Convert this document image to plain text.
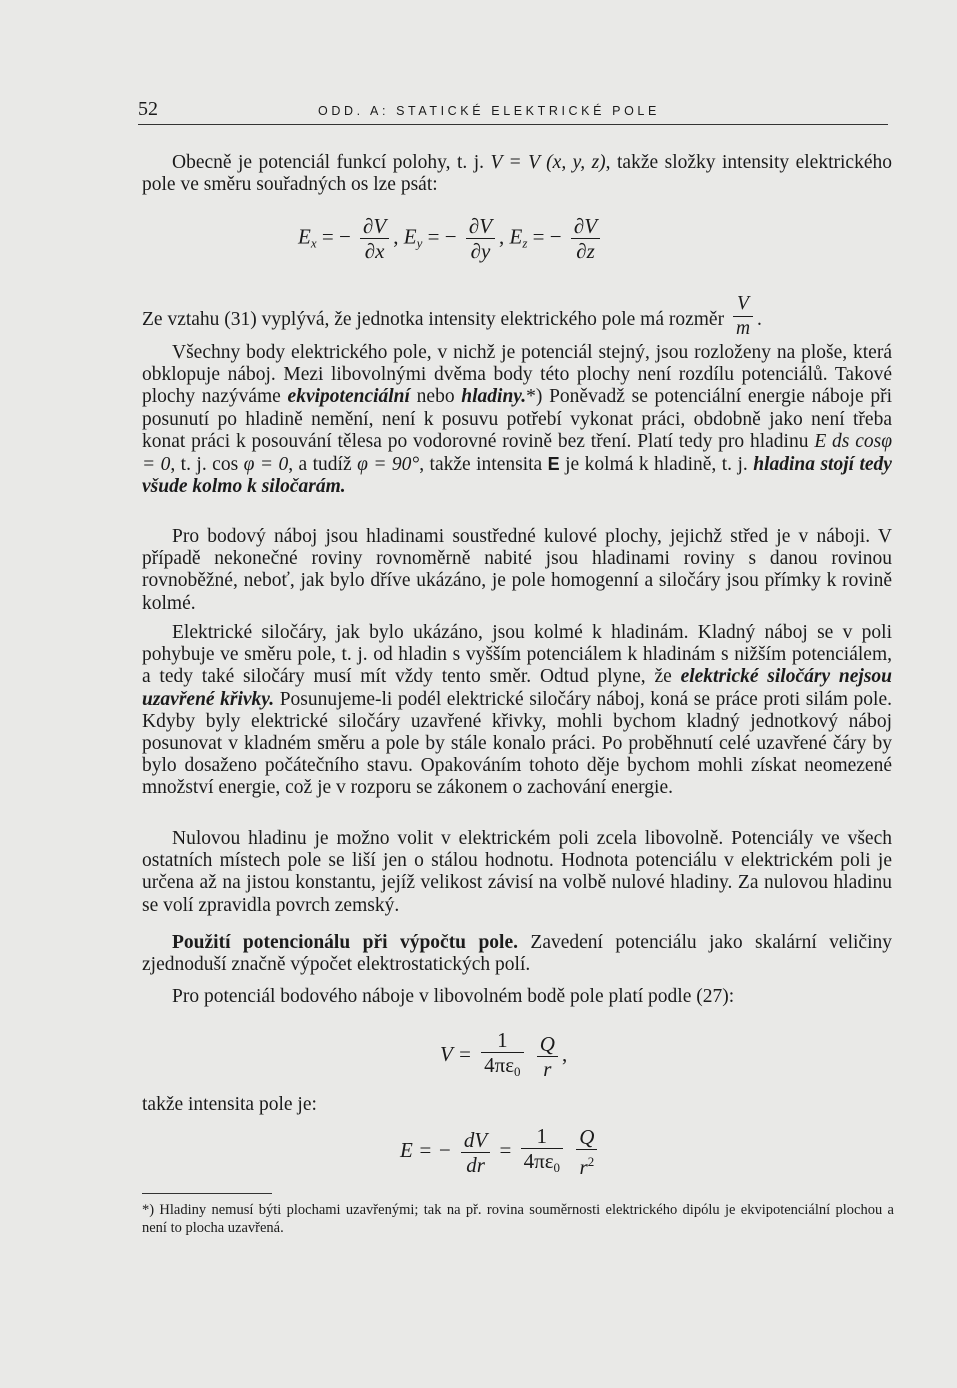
52	ODD. A: STATICKÉ ELEKTRICKÉ POLE

Obecně je potenciál funkcí polohy, t. j. V = V (x, y, z), takže složky intensity elektrického pole ve směru souřadných os lze psát:

$E_x$ = − $\frac{\partial V}{\partial x}$ , $E_y$ = − $\frac{\partial V}{\partial y}$ , $E_z$ = − $\frac{\partial V}{\partial z}$

Ze vztahu (31) vyplývá, že jednotka intensity elektrického pole má rozměr $\frac{V}{m}$ .

Všechny body elektrického pole, v nichž je potenciál stejný, jsou rozloženy na ploše, která obklopuje náboj. Mezi libovolnými dvěma body této plochy není rozdílu potenciálů. Takové plochy nazýváme ekvipotenciální nebo hladiny.*) Poněvadž se potenciální energie náboje při posunutí po hladině nemění, není k posuvu potřebí vykonat práci, obdobně jako není třeba konat práci k posouvání tělesa po vodorovné rovině bez tření. Platí tedy pro hladinu E ds cosφ = 0, t. j. cos φ = 0, a tudíž φ = 90°, takže intensita E je kolmá k hladině, t. j. hladina stojí tedy všude kolmo k siločarám.

Pro bodový náboj jsou hladinami soustředné kulové plochy, jejichž střed je v náboji. V případě nekonečné roviny rovnoměrně nabité jsou hladinami roviny s danou rovinou rovnoběžné, neboť, jak bylo dříve ukázáno, je pole homogenní a siločáry jsou přímky k rovině kolmé.

Elektrické siločáry, jak bylo ukázáno, jsou kolmé k hladinám. Kladný náboj se v poli pohybuje ve směru pole, t. j. od hladin s vyšším potenciálem k hladinám s nižším potenciálem, a tedy také siločáry musí mít vždy tento směr. Odtud plyne, že elektrické siločáry nejsou uzavřené křivky. Posunujeme-li podél elektrické siločáry náboj, koná se práce proti silám pole. Kdyby byly elektrické siločáry uzavřené křivky, mohli bychom kladný jednotkový náboj posunovat v kladném směru a pole by stále konalo práci. Po proběhnutí celé uzavřené čáry by bylo dosaženo počátečního stavu. Opakováním tohoto děje bychom mohli získat neomezené množství energie, což je v rozporu se zákonem o zachování energie.

Nulovou hladinu je možno volit v elektrickém poli zcela libovolně. Potenciály ve všech ostatních místech pole se liší jen o stálou hodnotu. Hodnota potenciálu v elektrickém poli je určena až na jistou konstantu, jejíž velikost závisí na volbě nulové hladiny. Za nulovou hladinu se volí zpravidla povrch zemský.

Použití potencionálu při výpočtu pole. Zavedení potenciálu jako skalární veličiny zjednoduší značně výpočet elektrostatických polí.

Pro potenciál bodového náboje v libovolném bodě pole platí podle (27):

$V = \frac{1}{4\pi\varepsilon_0}$
$\frac{Q}{r}$ ,

takže intensita pole je:

E = − $\frac{dV}{dr} = \frac{1}{4\pi\varepsilon_0}$
$\frac{Q}{r^2}$
*) Hladiny nemusí býti plochami uzavřenými; tak na př. rovina souměrnosti elektrického dipólu je ekvipotenciální plochou a není to plocha uzavřená.
